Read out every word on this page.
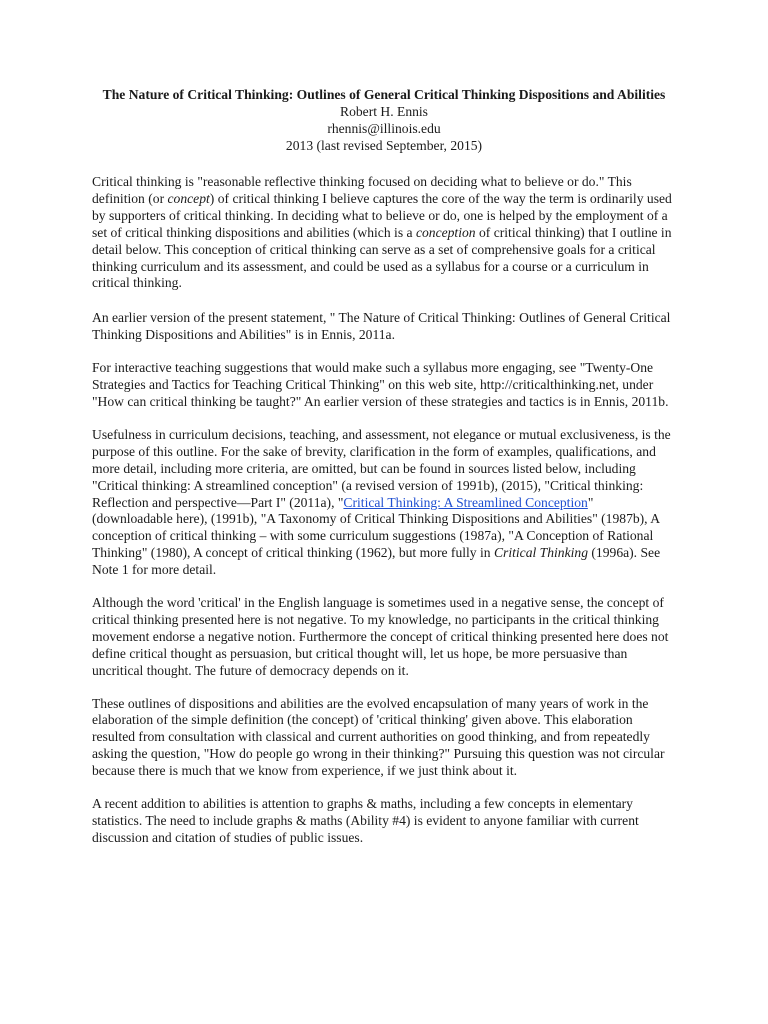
The Nature of Critical Thinking: Outlines of General Critical Thinking Dispositions and Abilities

Robert H. Ennis

rhennis@illinois.edu

2013 (last revised September, 2015)

Critical thinking is "reasonable reflective thinking focused on deciding what to believe or do." This definition (or concept) of critical thinking I believe captures the core of the way the term is ordinarily used by supporters of critical thinking. In deciding what to believe or do, one is helped by the employment of a set of critical thinking dispositions and abilities (which is a conception of critical thinking) that I outline in detail below. This conception of critical thinking can serve as a set of comprehensive goals for a critical thinking curriculum and its assessment, and could be used as a syllabus for a course or a curriculum in critical thinking.

An earlier version of the present statement, " The Nature of Critical Thinking: Outlines of General Critical Thinking Dispositions and Abilities" is in Ennis, 2011a.

For interactive teaching suggestions that would make such a syllabus more engaging, see "Twenty-One Strategies and Tactics for Teaching Critical Thinking" on this web site, http://criticalthinking.net, under "How can critical thinking be taught?" An earlier version of these strategies and tactics is in Ennis, 2011b.

Usefulness in curriculum decisions, teaching, and assessment, not elegance or mutual exclusiveness, is the purpose of this outline. For the sake of brevity, clarification in the form of examples, qualifications, and more detail, including more criteria, are omitted, but can be found in sources listed below, including "Critical thinking: A streamlined conception" (a revised version of 1991b), (2015), "Critical thinking: Reflection and perspective—Part I" (2011a), "Critical Thinking: A Streamlined Conception" (downloadable here), (1991b), "A Taxonomy of Critical Thinking Dispositions and Abilities" (1987b), A conception of critical thinking – with some curriculum suggestions (1987a), "A Conception of Rational Thinking" (1980), A concept of critical thinking (1962), but more fully in Critical Thinking (1996a). See Note 1 for more detail.

Although the word 'critical' in the English language is sometimes used in a negative sense, the concept of critical thinking presented here is not negative. To my knowledge, no participants in the critical thinking movement endorse a negative notion. Furthermore the concept of critical thinking presented here does not define critical thought as persuasion, but critical thought will, let us hope, be more persuasive than uncritical thought. The future of democracy depends on it.

These outlines of dispositions and abilities are the evolved encapsulation of many years of work in the elaboration of the simple definition (the concept) of 'critical thinking' given above. This elaboration resulted from consultation with classical and current authorities on good thinking, and from repeatedly asking the question, "How do people go wrong in their thinking?" Pursuing this question was not circular because there is much that we know from experience, if we just think about it.

A recent addition to abilities is attention to graphs & maths, including a few concepts in elementary statistics. The need to include graphs & maths (Ability #4) is evident to anyone familiar with current discussion and citation of studies of public issues.
